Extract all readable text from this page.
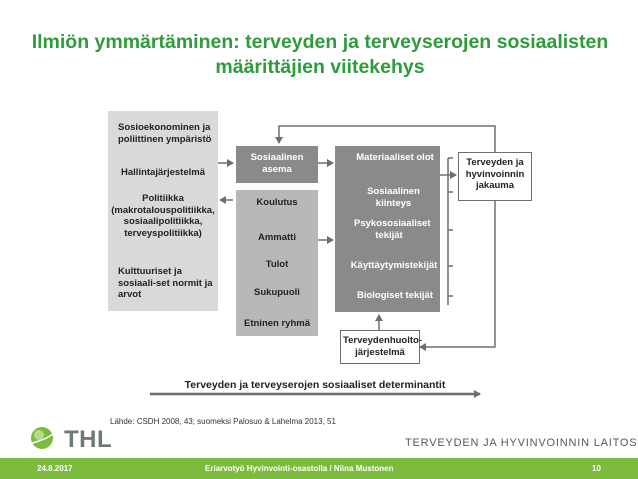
Ilmiön ymmärtäminen: terveyden ja terveyserojen sosiaalisten määrittäjien viitekehys
Sosioekonominen ja poliittinen ympäristö
Hallintajärjestelmä
Politiikka (makrotalouspolitiikka, sosiaalipolitiikka, terveyspolitiikka)
Kulttuuriset ja sosiaali-set normit ja arvot
Sosiaalinen asema
Koulutus
Ammatti
Tulot
Sukupuoli
Etninen ryhmä
Materiaaliset olot
Sosiaalinen kiinteys
Psykososiaaliset tekijät
Käyttäytymistekijät
Biologiset tekijät
Terveyden ja hyvinvoinnin jakauma
Terveydenhuolto-järjestelmä
Terveyden ja terveyserojen sosiaaliset determinantit
Lähde: CSDH 2008, 43; suomeksi Palosuo & Lahelma 2013, 51
THL	TERVEYDEN JA HYVINVOINNIN LAITOS
24.8.2017	Eriarvotyö Hyvinvointi-osastolla / Niina Mustonen	10
